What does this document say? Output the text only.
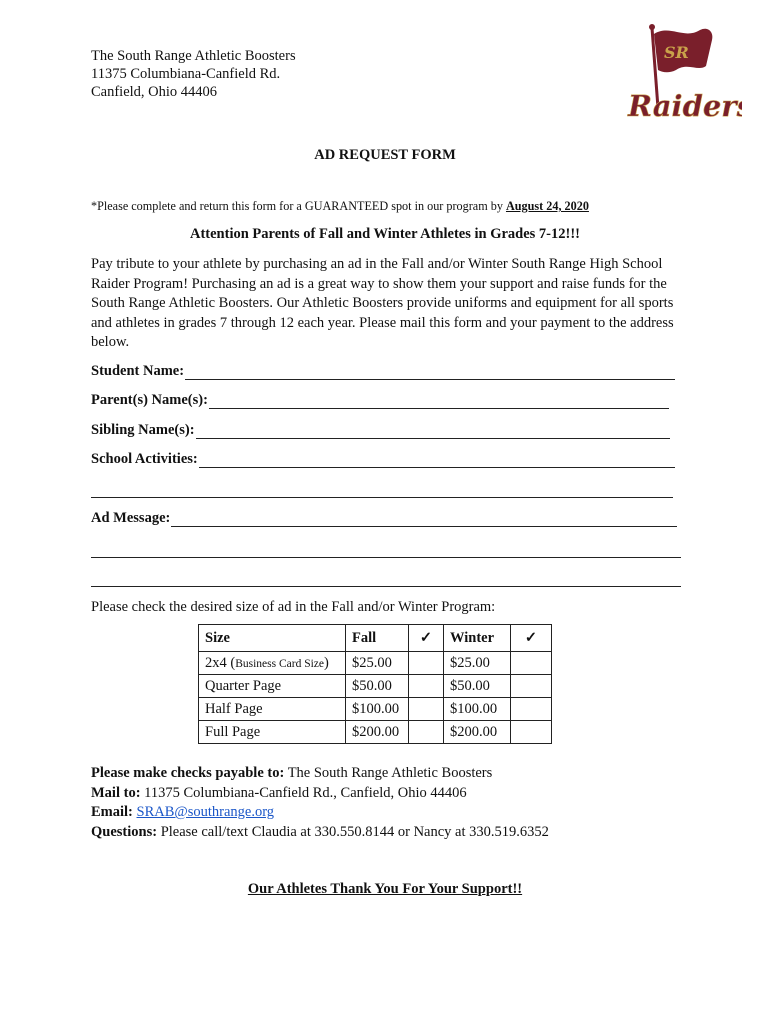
The South Range Athletic Boosters
11375 Columbiana-Canfield Rd.
Canfield, Ohio 44406
SR
Raiders
AD REQUEST FORM
*Please complete and return this form for a GUARANTEED spot in our program by August 24, 2020
Attention Parents of Fall and Winter Athletes in Grades 7-12!!!
Pay tribute to your athlete by purchasing an ad in the Fall and/or Winter South Range High School Raider Program! Purchasing an ad is a great way to show them your support and raise funds for the South Range Athletic Boosters. Our Athletic Boosters provide uniforms and equipment for all sports and athletes in grades 7 through 12 each year. Please mail this form and your payment to the address below.
Student Name:
Parent(s) Name(s):
Sibling Name(s):
School Activities:
Ad Message:
Please check the desired size of ad in the Fall and/or Winter Program:
Size	Fall	✓	Winter	✓
2x4 (Business Card Size)	$25.00		$25.00	
Quarter Page	$50.00		$50.00	
Half Page	$100.00		$100.00	
Full Page	$200.00		$200.00	
Please make checks payable to: The South Range Athletic Boosters
Mail to: 11375 Columbiana-Canfield Rd., Canfield, Ohio 44406
Email: SRAB@southrange.org
Questions: Please call/text Claudia at 330.550.8144 or Nancy at 330.519.6352
Our Athletes Thank You For Your Support!!
